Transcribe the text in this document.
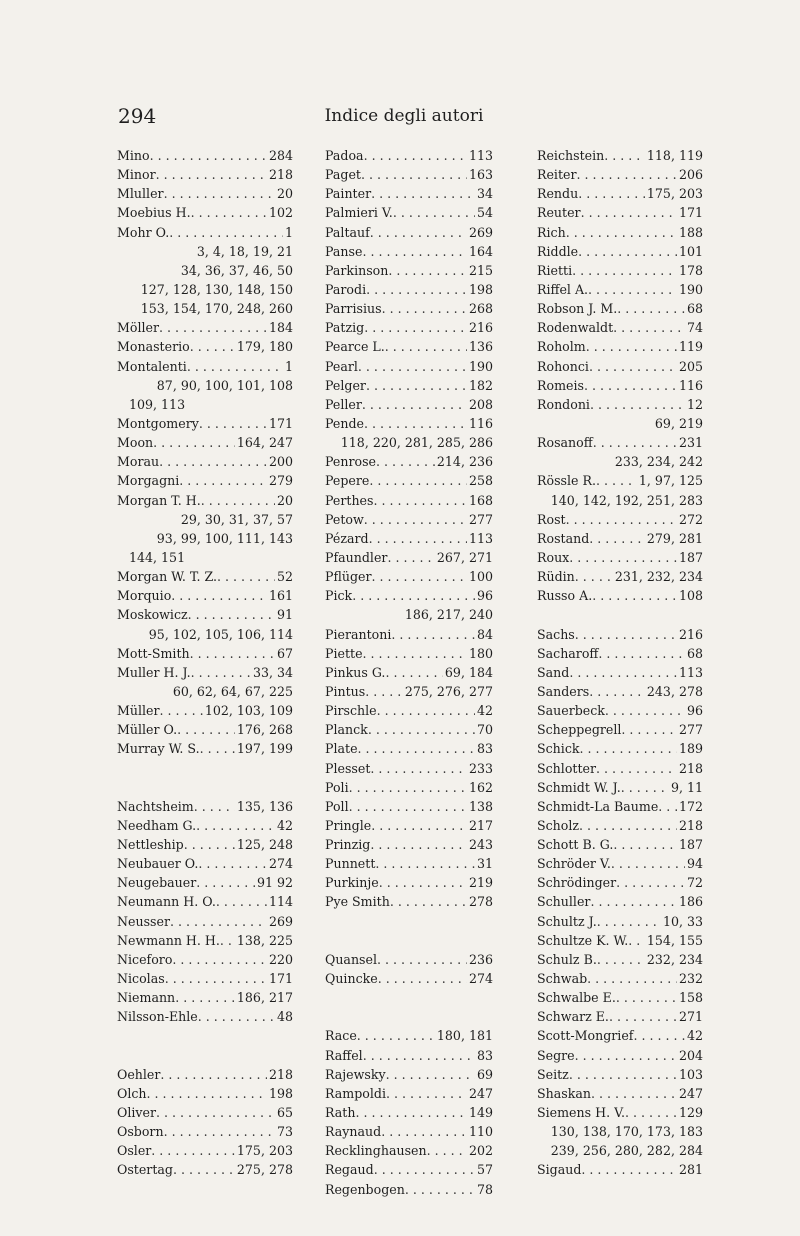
294	Indice degli autori
Mino . . .	284
Minor . . .	218
Mluller . . .	20
Moebius H. . . .	102
Mohr O. . . .	1
3, 4, 18, 19, 21
34, 36, 37, 46, 50
127, 128, 130, 148, 150
153, 154, 170, 248, 260
Möller . . .	184
Monasterio . . .	179, 180
Montalenti . . .	1
87, 90, 100, 101, 108
109, 113
Montgomery . . .	171
Moon . . .	164, 247
Morau . . .	200
Morgagni . . .	279
Morgan T. H. . . .	20
29, 30, 31, 37, 57
93, 99, 100, 111, 143
144, 151
Morgan W. T. Z. . . .	52
Morquio . . .	161
Moskowicz . . .	91
95, 102, 105, 106, 114
Mott-Smith . . .	67
Muller H. J. . . .	33, 34
60, 62, 64, 67, 225
Müller . . .	102, 103, 109
Müller O. . . .	176, 268
Murray W. S. . . .	197, 199
Nachtsheim . . .	135, 136
Needham G. . . .	42
Nettleship . . .	125, 248
Neubauer O. . . .	274
Neugebauer . . .	91 92
Neumann H. O. . . .	114
Neusser . . .	269
Newmann H. H. . . . 138, 225
Niceforo . . .	220
Nicolas . . .	171
Niemann . . .	186, 217
Nilsson-Ehle . . .	48
Oehler . . .	218
Olch . . .	198
Oliver . . .	65
Osborn . . .	73
Osler . . .	175, 203
Ostertag . . .	275, 278
Padoa . . .	113
Paget . . .	163
Painter . . .	34
Palmieri V. . . .	54
Paltauf . . .	269
Panse . . .	164
Parkinson . . .	215
Parodi . . .	198
Parrisius . . .	268
Patzig . . .	216
Pearce L. . . .	136
Pearl . . .	190
Pelger . . .	182
Peller . . .	208
Pende . . .	116
118, 220, 281, 285, 286
Penrose . . .	214, 236
Pepere . . .	258
Perthes . . .	168
Petow . . .	277
Pézard . . .	113
Pfaundler . . .	267, 271
Pflüger . . .	100
Pick . . .	96
186, 217, 240
Pierantoni . . .	84
Piette . . .	180
Pinkus G. . . .	69, 184
Pintus . . .	275, 276, 277
Pirschle . . .	42
Planck . . .	70
Plate . . .	83
Plesset . . .	233
Poli . . .	162
Poll . . .	138
Pringle . . .	217
Prinzig . . .	243
Punnett . . .	31
Purkinje . . .	219
Pye Smith . . .	278
Quansel . . .	236
Quincke . . .	274
Race . . .	180, 181
Raffel . . .	83
Rajewsky . . .	69
Rampoldi . . .	247
Rath . . .	149
Raynaud . . .	110
Recklinghausen . . .	202
Regaud . . .	57
Regenbogen . . .	78
Reichstein . . .	118, 119
Reiter . . .	206
Rendu . . .	175, 203
Reuter . . .	171
Rich . . .	188
Riddle . . .	101
Rietti . . .	178
Riffel A. . . .	190
Robson J. M. . . .	68
Rodenwaldt . . .	74
Roholm . . .	119
Rohonci . . .	205
Romeis . . .	116
Rondoni . . .	12
69, 219
Rosanoff . . .	231
233, 234, 242
Rössle R. . . .	1, 97, 125
140, 142, 192, 251, 283
Rost . . .	272
Rostand . . .	279, 281
Roux . . .	187
Rüdin . . .	231, 232, 234
Russo A. . . .	108
Sachs . . .	216
Sacharoff . . .	68
Sand . . .	113
Sanders . . .	243, 278
Sauerbeck . . .	96
Scheppegrell . . .	277
Schick . . .	189
Schlotter . . .	218
Schmidt W. J. . . .	9, 11
Schmidt-La Baume . . . 172
Scholz . . .	218
Schott B. G. . . .	187
Schröder V. . . .	94
Schrödinger . . .	72
Schuller . . .	186
Schultz J. . . .	10, 33
Schultze K. W. . . . 154, 155
Schulz B. . . .	232, 234
Schwab . . .	232
Schwalbe E. . . .	158
Schwarz E. . . .	271
Scott-Mongrief . . .	42
Segre . . .	204
Seitz . . .	103
Shaskan . . .	247
Siemens H. V. . . .	129
130, 138, 170, 173, 183
239, 256, 280, 282, 284
Sigaud . . .	281
